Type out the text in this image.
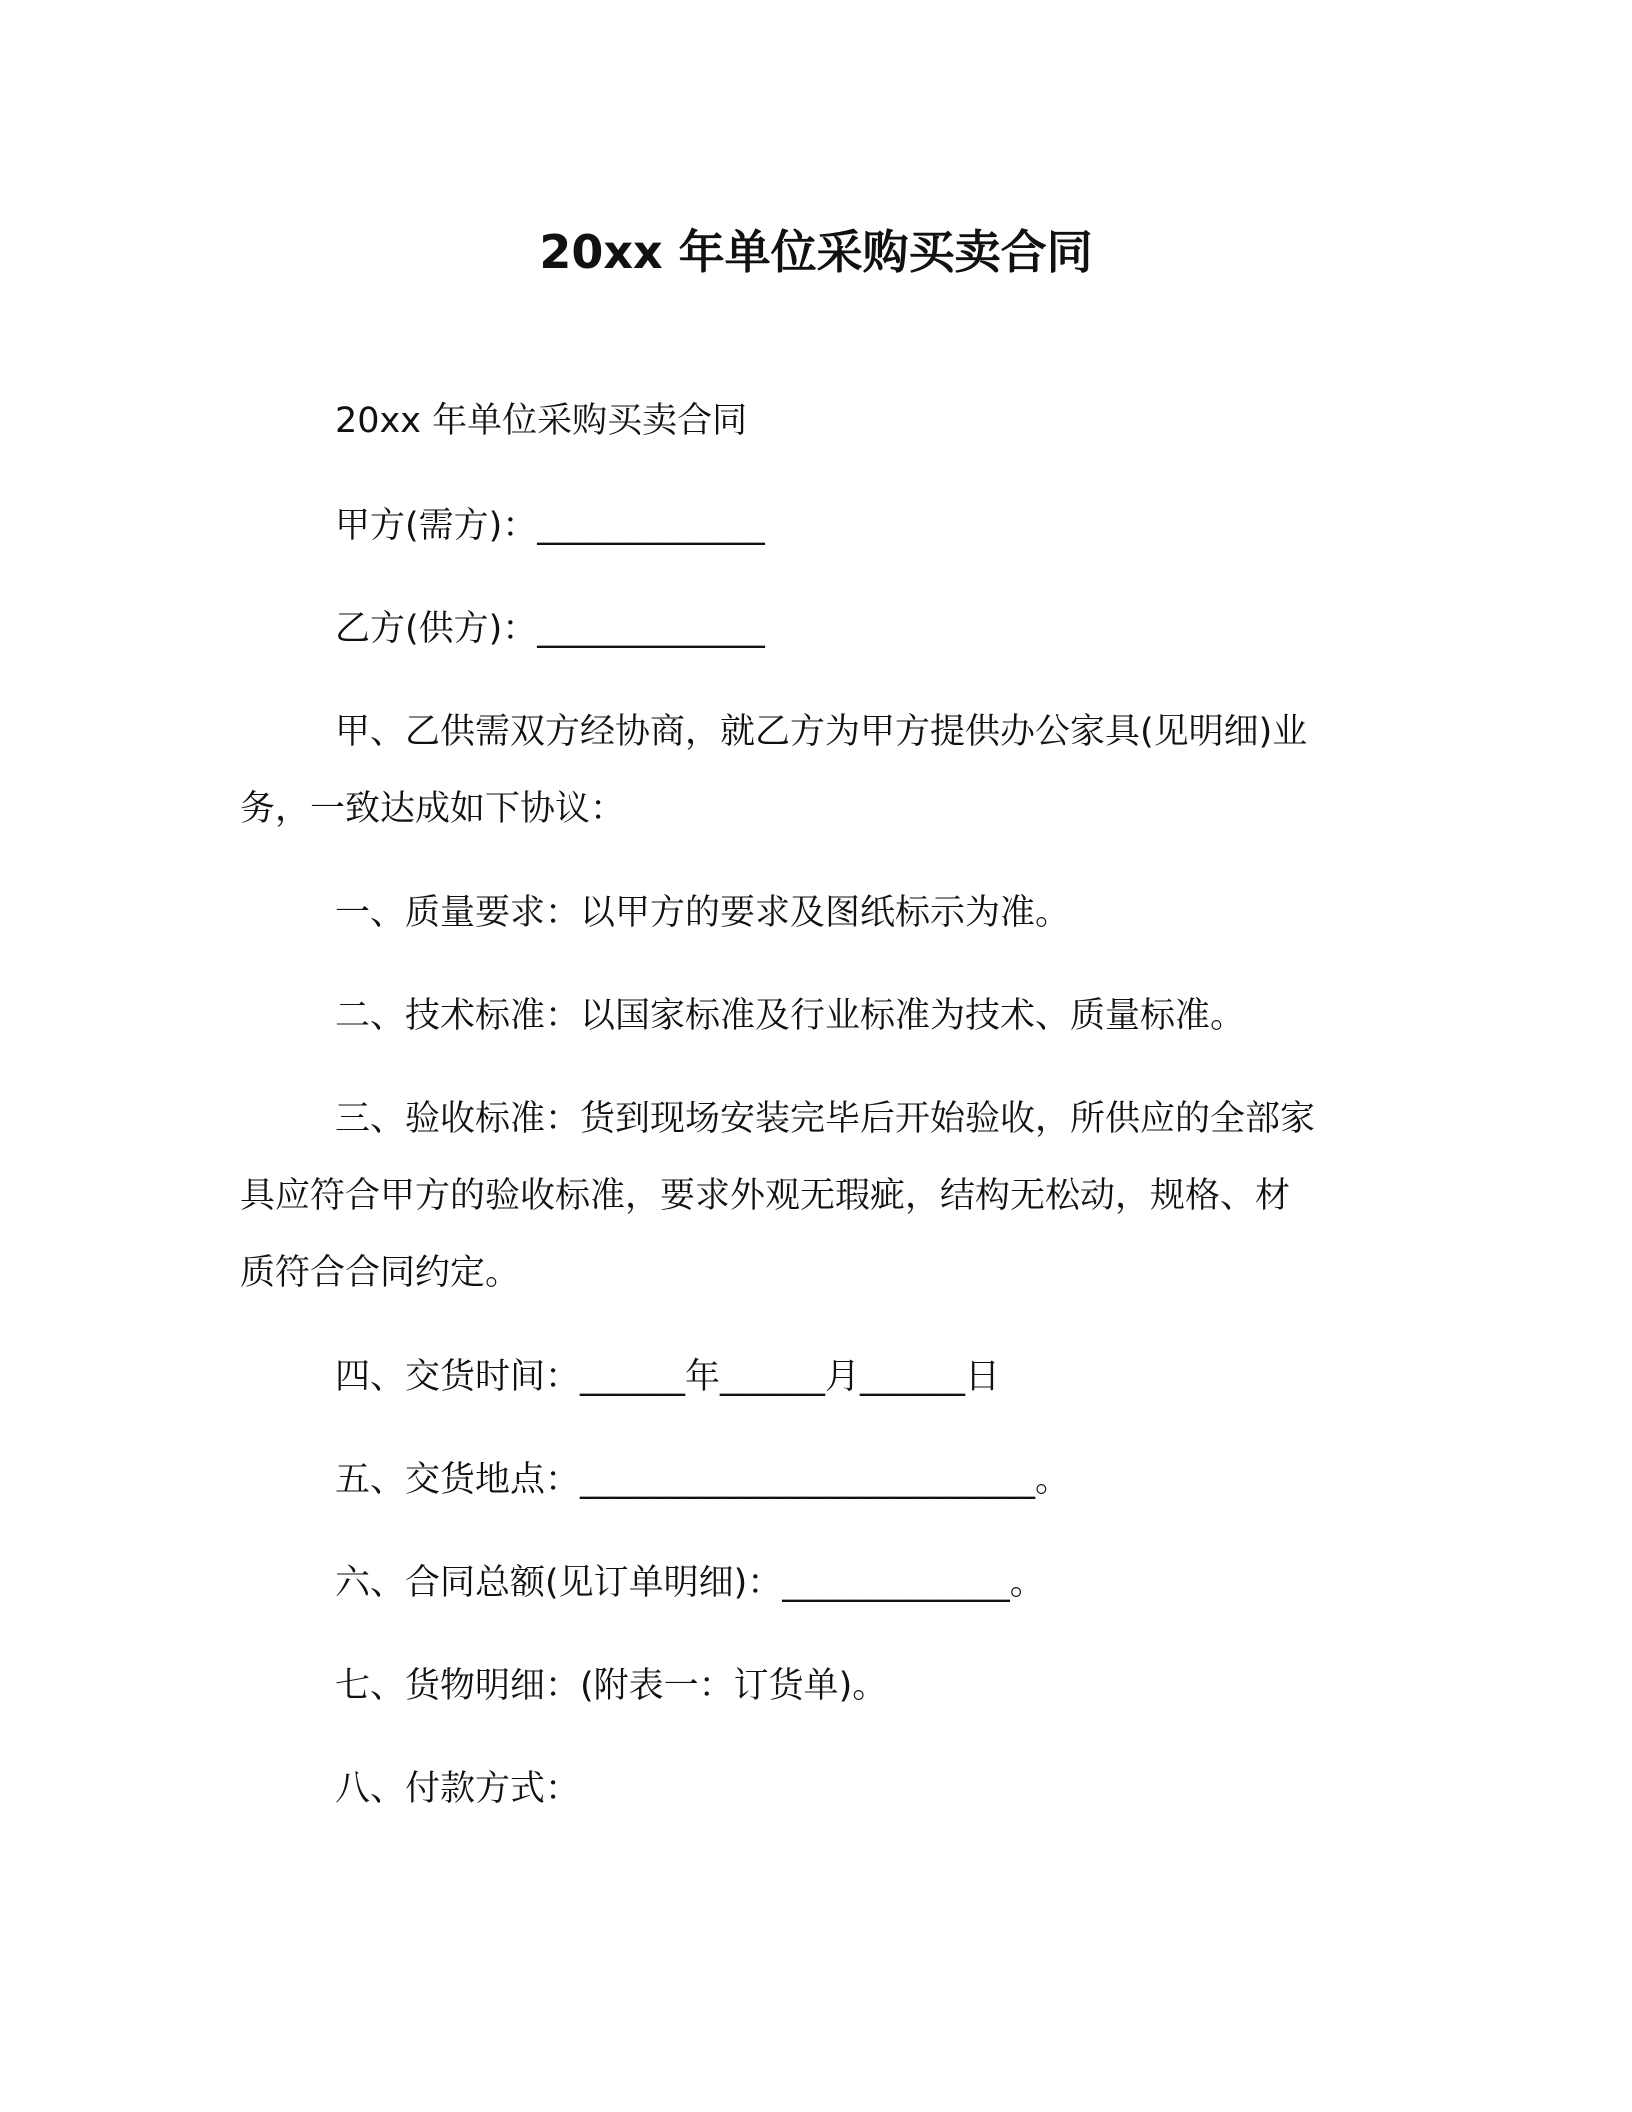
20xx 年单位采购买卖合同
20xx 年单位采购买卖合同
甲方(需方)：_____________
乙方(供方)：_____________
甲、乙供需双方经协商，就乙方为甲方提供办公家具(见明细)业
务，一致达成如下协议：
一、质量要求：以甲方的要求及图纸标示为准。
二、技术标准：以国家标准及行业标准为技术、质量标准。
三、验收标准：货到现场安装完毕后开始验收，所供应的全部家
具应符合甲方的验收标准，要求外观无瑕疵，结构无松动，规格、材
质符合合同约定。
四、交货时间：______年______月______日
五、交货地点：__________________________。
六、合同总额(见订单明细)：_____________。
七、货物明细：(附表一：订货单)。
八、付款方式：
